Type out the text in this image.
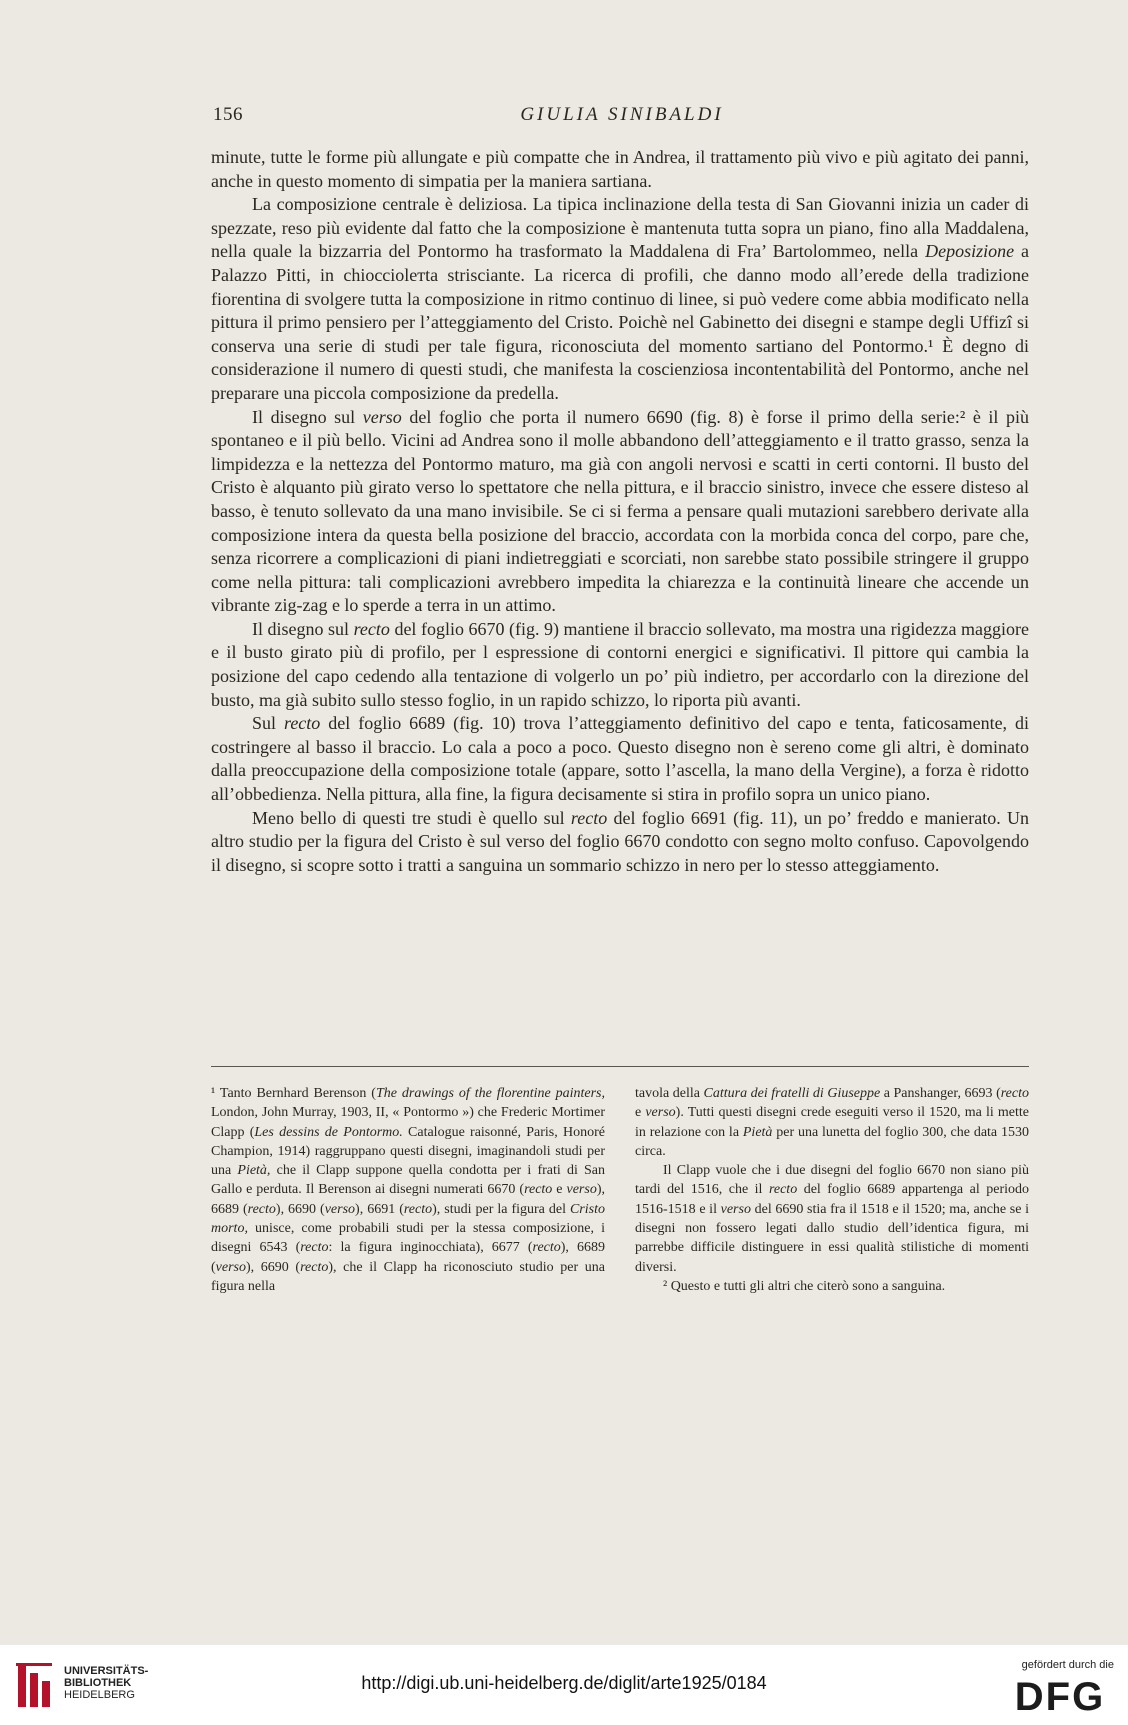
156	GIULIA SINIBALDI

minute, tutte le forme più allungate e più compatte che in Andrea, il trattamento più vivo e più agitato dei panni, anche in questo momento di simpatia per la maniera sartiana.

La composizione centrale è deliziosa. La tipica inclinazione della testa di San Giovanni inizia un cader di spezzate, reso più evidente dal fatto che la composizione è mantenuta tutta sopra un piano, fino alla Maddalena, nella quale la bizzarria del Pontormo ha trasformato la Maddalena di Fra’ Bartolommeo, nella Deposizione a Palazzo Pitti, in chiocciolетta strisciante. La ricerca di profili, che danno modo all’erede della tradizione fiorentina di svolgere tutta la composizione in ritmo continuo di linee, si può vedere come abbia modificato nella pittura il primo pensiero per l’atteggiamento del Cristo. Poichè nel Gabinetto dei disegni e stampe degli Uffizî si conserva una serie di studi per tale figura, riconosciuta del momento sartiano del Pontormo.¹ È degno di considerazione il numero di questi studi, che manifesta la coscienziosa incontentabilità del Pontormo, anche nel preparare una piccola composizione da predella.

Il disegno sul verso del foglio che porta il numero 6690 (fig. 8) è forse il primo della serie:² è il più spontaneo e il più bello. Vicini ad Andrea sono il molle abbandono dell’atteggiamento e il tratto grasso, senza la limpidezza e la nettezza del Pontormo maturo, ma già con angoli nervosi e scatti in certi contorni. Il busto del Cristo è alquanto più girato verso lo spettatore che nella pittura, e il braccio sinistro, invece che essere disteso al basso, è tenuto sollevato da una mano invisibile. Se ci si ferma a pensare quali mutazioni sarebbero derivate alla composizione intera da questa bella posizione del braccio, accordata con la morbida conca del corpo, pare che, senza ricorrere a complicazioni di piani indietreggiati e scorciati, non sarebbe stato possibile stringere il gruppo come nella pittura: tali complicazioni avrebbero impedita la chiarezza e la continuità lineare che accende un vibrante zig-zag e lo sperde a terra in un attimo.

Il disegno sul recto del foglio 6670 (fig. 9) mantiene il braccio sollevato, ma mostra una rigidezza maggiore e il busto girato più di profilo, per l espressione di contorni energici e significativi. Il pittore qui cambia la posizione del capo cedendo alla tentazione di volgerlo un po’ più indietro, per accordarlo con la direzione del busto, ma già subito sullo stesso foglio, in un rapido schizzo, lo riporta più avanti.

Sul recto del foglio 6689 (fig. 10) trova l’atteggiamento definitivo del capo e tenta, faticosamente, di costringere al basso il braccio. Lo cala a poco a poco. Questo disegno non è sereno come gli altri, è dominato dalla preoccupazione della composizione totale (appare, sotto l’ascella, la mano della Vergine), a forza è ridotto all’obbedienza. Nella pittura, alla fine, la figura decisamente si stira in profilo sopra un unico piano.

Meno bello di questi tre studi è quello sul recto del foglio 6691 (fig. 11), un po’ freddo e manierato. Un altro studio per la figura del Cristo è sul verso del foglio 6670 condotto con segno molto confuso. Capovolgendo il disegno, si scopre sotto i tratti a sanguina un sommario schizzo in nero per lo stesso atteggiamento.

¹ Tanto Bernhard Berenson (The drawings of the florentine painters, London, John Murray, 1903, II, « Pontormo ») che Frederic Mortimer Clapp (Les dessins de Pontormo. Catalogue raisonné, Paris, Honoré Champion, 1914) raggruppano questi disegni, imaginandoli studi per una Pietà, che il Clapp suppone quella condotta per i frati di San Gallo e perduta. Il Berenson ai disegni numerati 6670 (recto e verso), 6689 (recto), 6690 (verso), 6691 (recto), studi per la figura del Cristo morto, unisce, come probabili studi per la stessa composizione, i disegni 6543 (recto: la figura inginocchiata), 6677 (recto), 6689 (verso), 6690 (recto), che il Clapp ha riconosciuto studio per una figura nella

tavola della Cattura dei fratelli di Giuseppe a Panshanger, 6693 (recto e verso). Tutti questi disegni crede eseguiti verso il 1520, ma li mette in relazione con la Pietà per una lunetta del foglio 300, che data 1530 circa.

Il Clapp vuole che i due disegni del foglio 6670 non siano più tardi del 1516, che il recto del foglio 6689 appartenga al periodo 1516-1518 e il verso del 6690 stia fra il 1518 e il 1520; ma, anche se i disegni non fossero legati dallo studio dell’identica figura, mi parrebbe difficile distinguere in essi qualità stilistiche di momenti diversi.

² Questo e tutti gli altri che citerò sono a sanguina.

UNIVERSITÄTS-
BIBLIOTHEK
HEIDELBERG
http://digi.ub.uni-heidelberg.de/diglit/arte1925/0184
gefördert durch die
DFG
